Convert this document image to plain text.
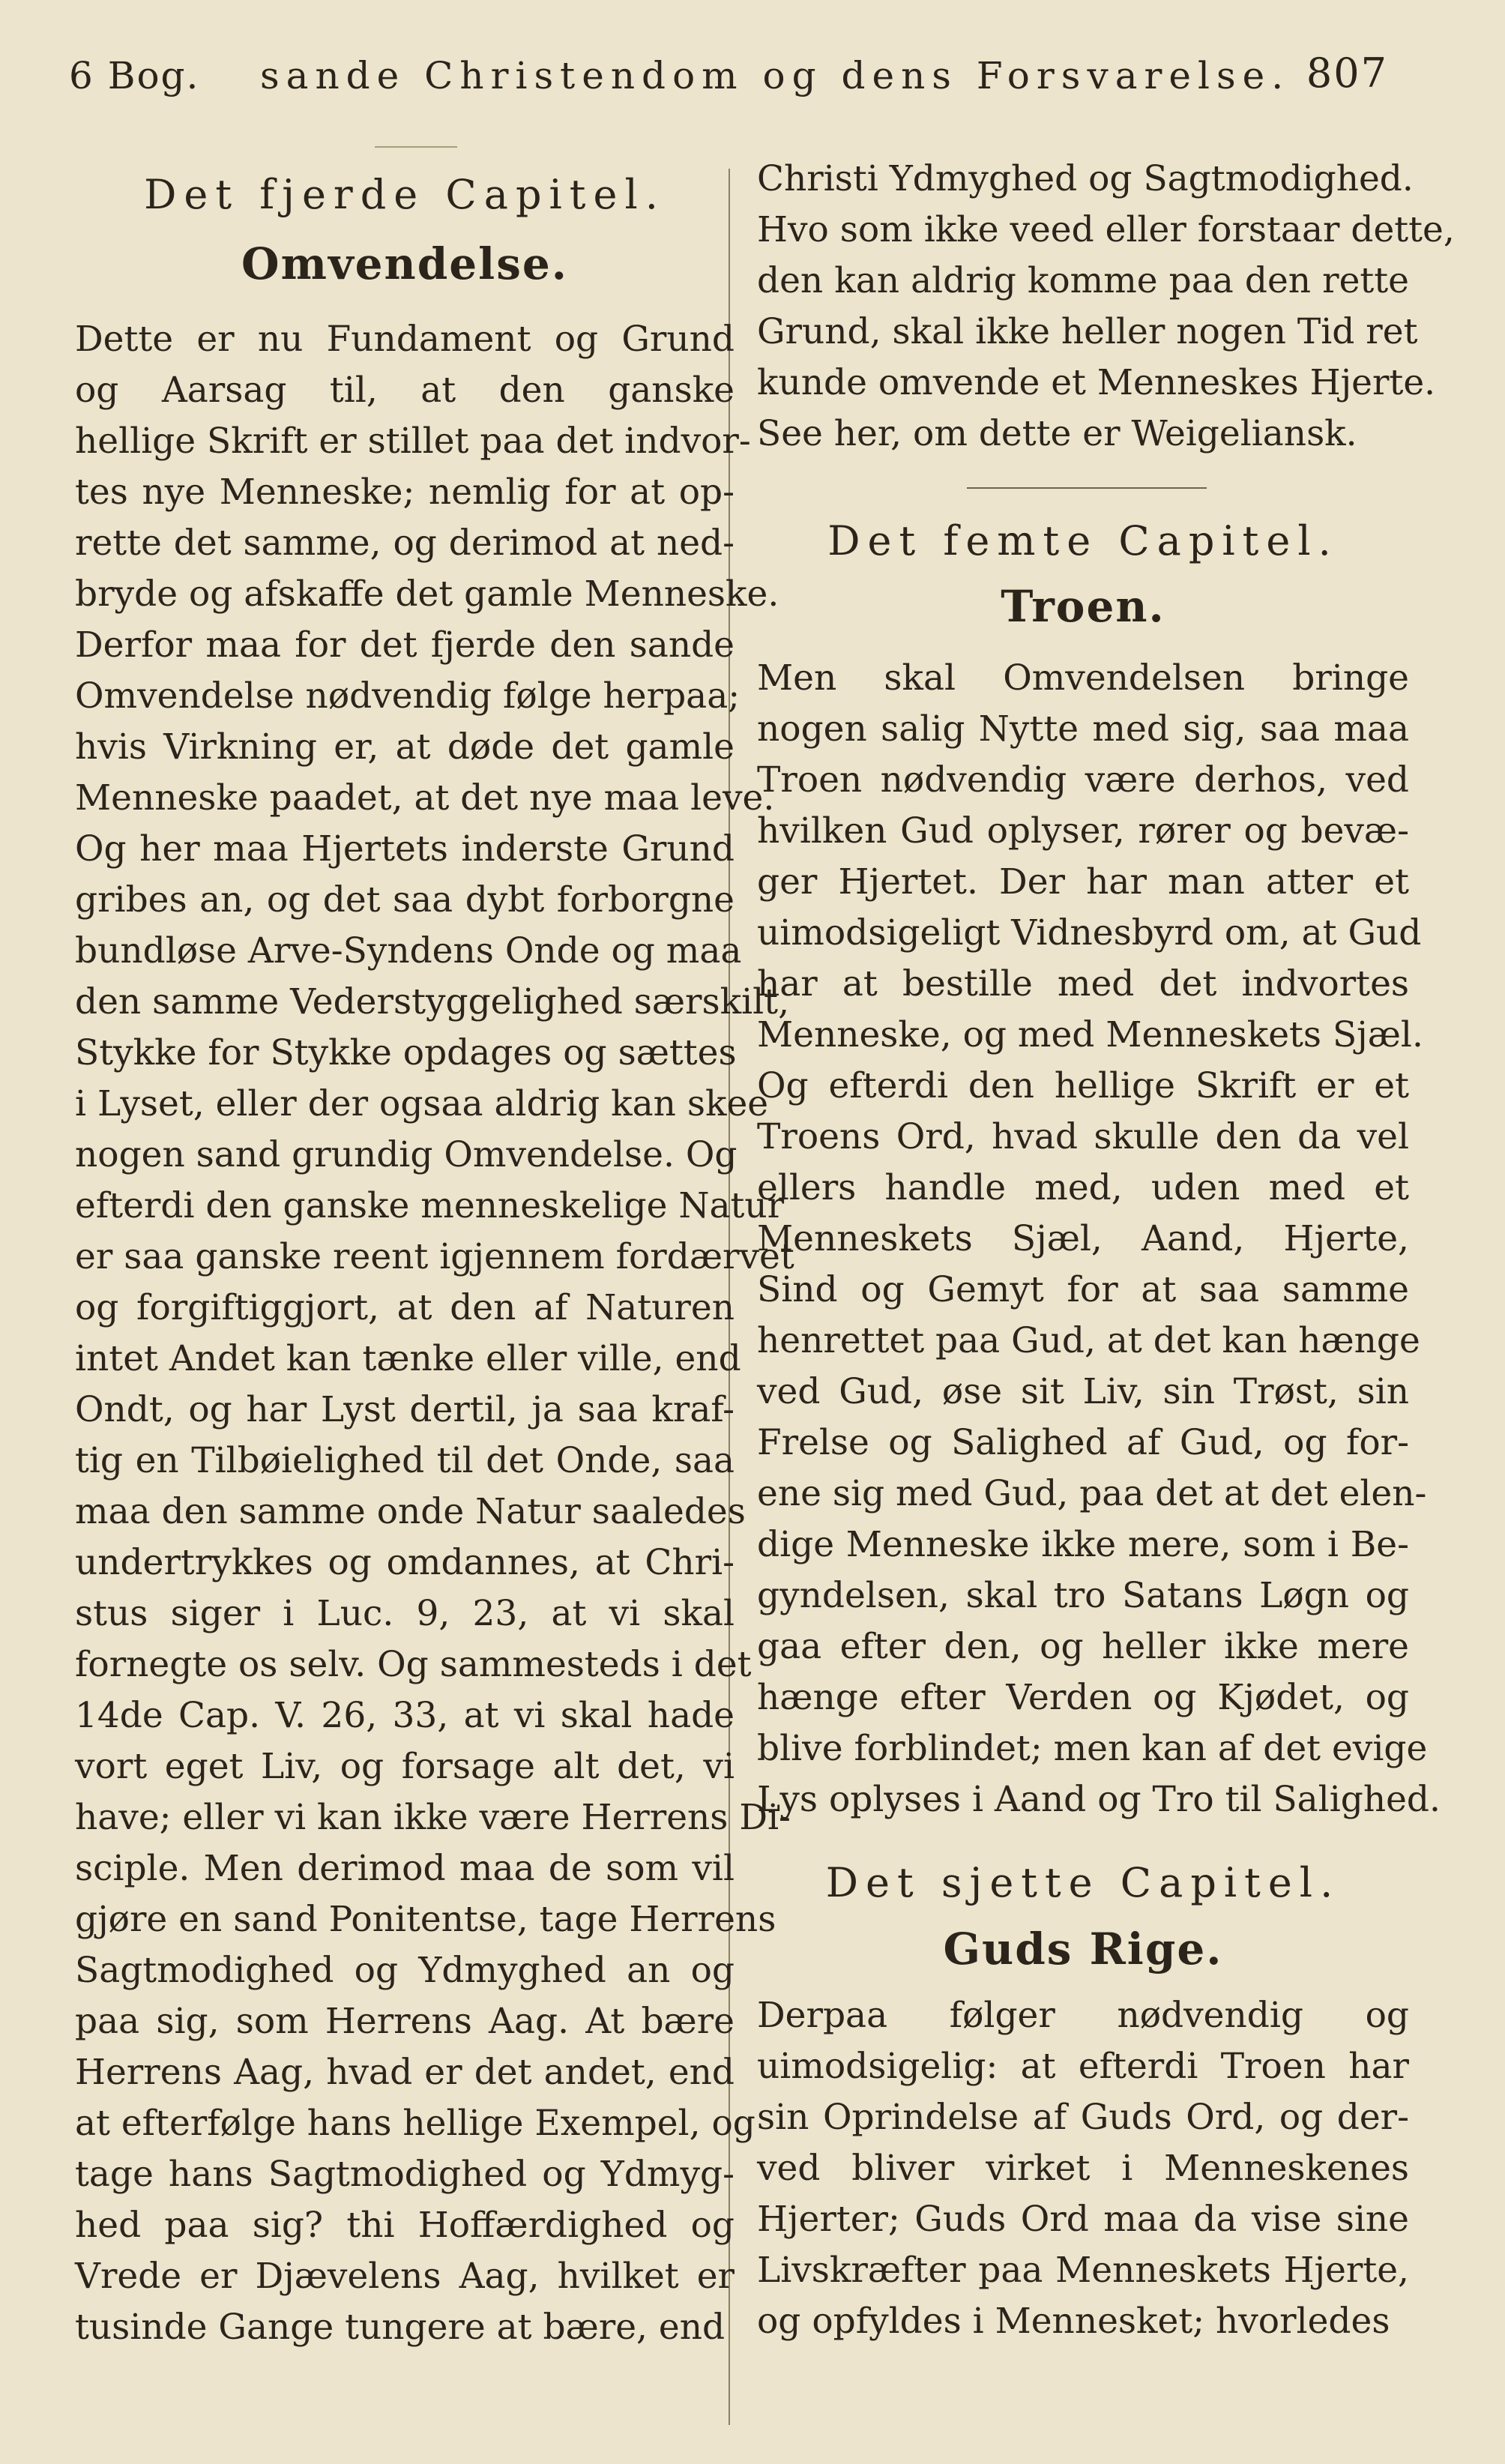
6 Bog. sande Christendom og dens Forsvarelse. 807
Det fjerde Capitel.
Omvendelse.
Dette er nu Fundament og Grund
og Aarsag til, at den ganske
hellige Skrift er stillet paa det indvor-
tes nye Menneske; nemlig for at op-
rette det samme, og derimod at ned-
bryde og afskaffe det gamle Menneske.
Derfor maa for det fjerde den sande
Omvendelse nødvendig følge herpaa;
hvis Virkning er, at døde det gamle
Menneske paadet, at det nye maa leve.
Og her maa Hjertets inderste Grund
gribes an, og det saa dybt forborgne
bundløse Arve-Syndens Onde og maa
den samme Vederstyggelighed særskilt,
Stykke for Stykke opdages og sættes
i Lyset, eller der ogsaa aldrig kan skee
nogen sand grundig Omvendelse. Og
efterdi den ganske menneskelige Natur
er saa ganske reent igjennem fordærvet
og forgiftiggjort, at den af Naturen
intet Andet kan tænke eller ville, end
Ondt, og har Lyst dertil, ja saa kraf-
tig en Tilbøielighed til det Onde, saa
maa den samme onde Natur saaledes
undertrykkes og omdannes, at Chri-
stus siger i Luc. 9, 23, at vi skal
fornegte os selv. Og sammesteds i det
14de Cap. V. 26, 33, at vi skal hade
vort eget Liv, og forsage alt det, vi
have; eller vi kan ikke være Herrens Di-
sciple. Men derimod maa de som vil
gjøre en sand Ponitentse, tage Herrens
Sagtmodighed og Ydmyghed an og
paa sig, som Herrens Aag. At bære
Herrens Aag, hvad er det andet, end
at efterfølge hans hellige Exempel, og
tage hans Sagtmodighed og Ydmyg-
hed paa sig? thi Hoffærdighed og
Vrede er Djævelens Aag, hvilket er
tusinde Gange tungere at bære, end
Christi Ydmyghed og Sagtmodighed.
Hvo som ikke veed eller forstaar dette,
den kan aldrig komme paa den rette
Grund, skal ikke heller nogen Tid ret
kunde omvende et Menneskes Hjerte.
See her, om dette er Weigeliansk.
Det femte Capitel.
Troen.
Men skal Omvendelsen bringe
nogen salig Nytte med sig, saa maa
Troen nødvendig være derhos, ved
hvilken Gud oplyser, rører og bevæ-
ger Hjertet. Der har man atter et
uimodsigeligt Vidnesbyrd om, at Gud
har at bestille med det indvortes
Menneske, og med Menneskets Sjæl.
Og efterdi den hellige Skrift er et
Troens Ord, hvad skulle den da vel
ellers handle med, uden med et
Menneskets Sjæl, Aand, Hjerte,
Sind og Gemyt for at saa samme
henrettet paa Gud, at det kan hænge
ved Gud, øse sit Liv, sin Trøst, sin
Frelse og Salighed af Gud, og for-
ene sig med Gud, paa det at det elen-
dige Menneske ikke mere, som i Be-
gyndelsen, skal tro Satans Løgn og
gaa efter den, og heller ikke mere
hænge efter Verden og Kjødet, og
blive forblindet; men kan af det evige
Lys oplyses i Aand og Tro til Salighed.
Det sjette Capitel.
Guds Rige.
Derpaa følger nødvendig og
uimodsigelig: at efterdi Troen har
sin Oprindelse af Guds Ord, og der-
ved bliver virket i Menneskenes
Hjerter; Guds Ord maa da vise sine
Livskræfter paa Menneskets Hjerte,
og opfyldes i Mennesket; hvorledes
